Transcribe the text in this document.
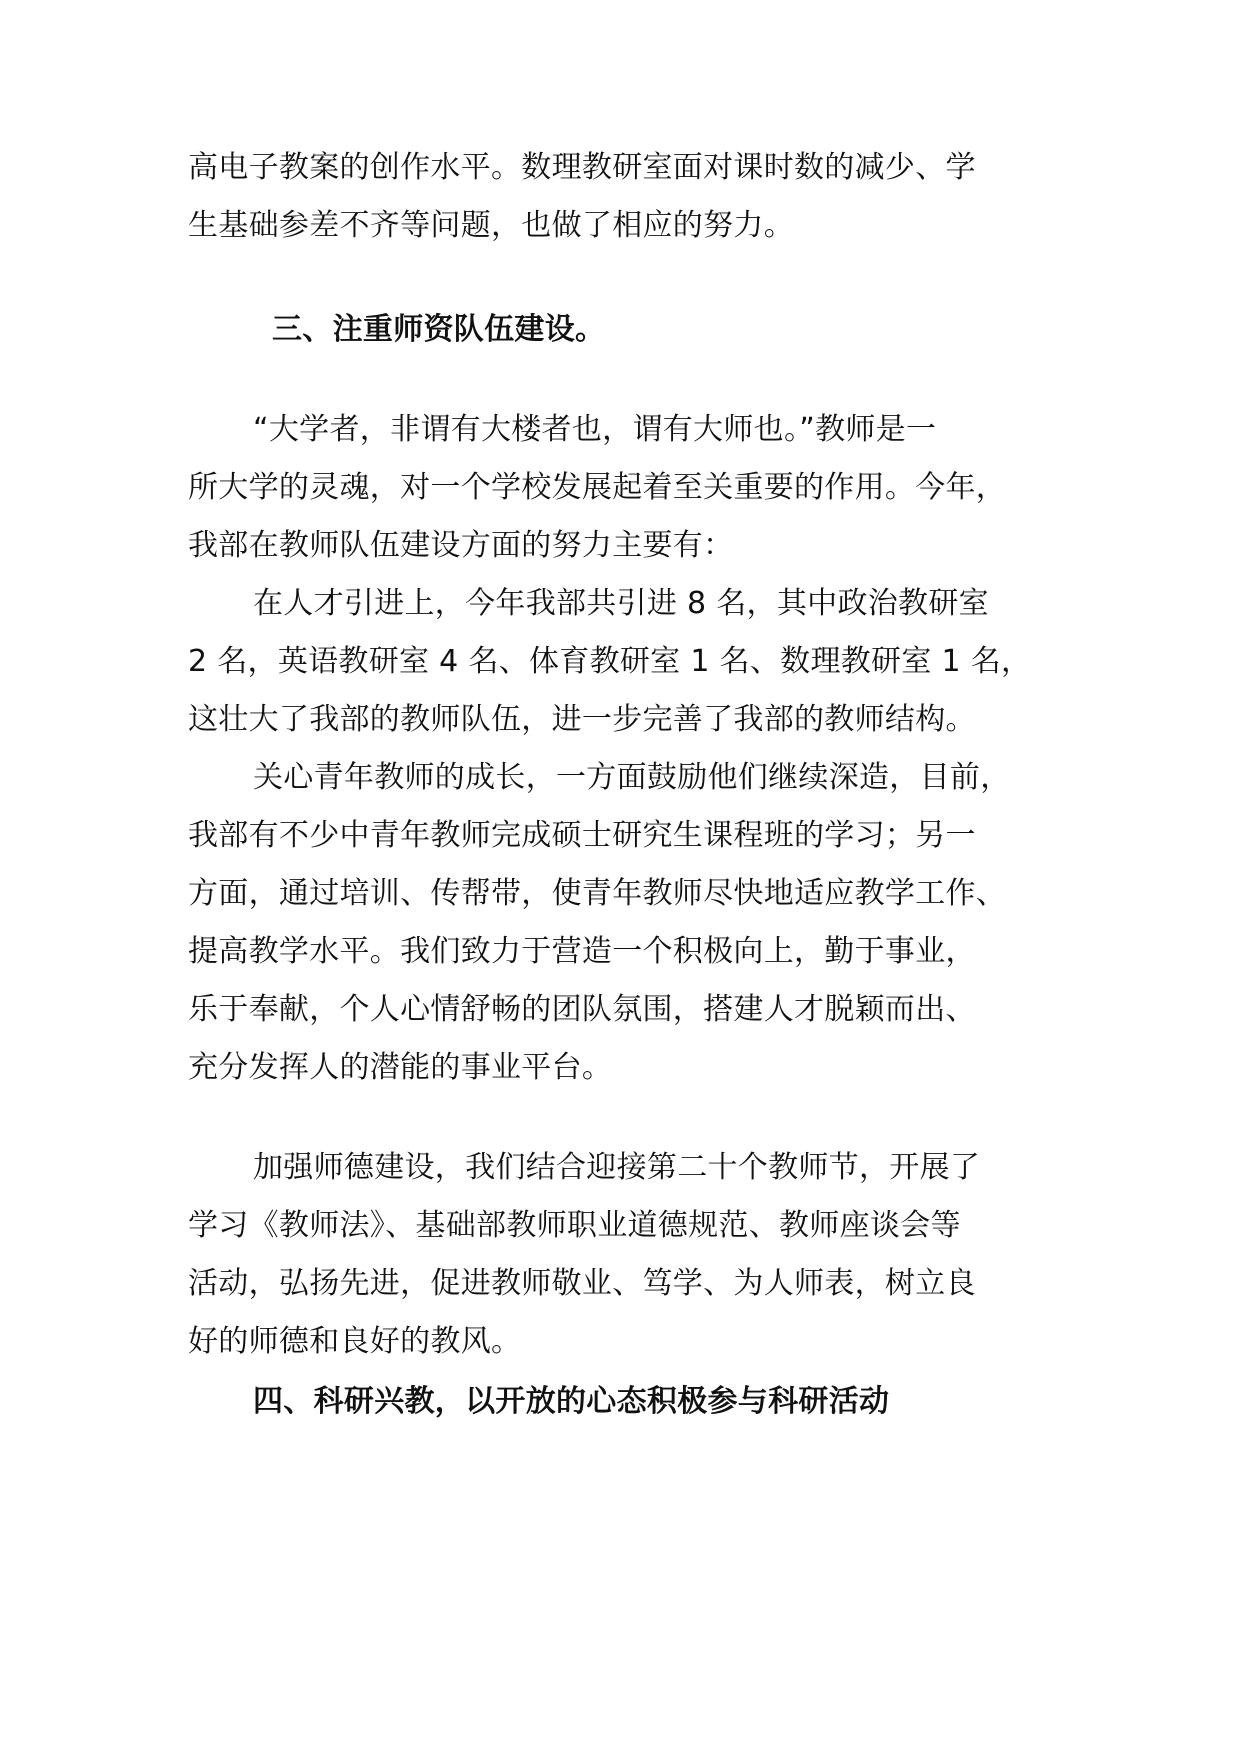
高电子教案的创作水平。数理教研室面对课时数的减少、学
生基础参差不齐等问题，也做了相应的努力。
三、注重师资队伍建设。
“大学者，非谓有大楼者也，谓有大师也。”教师是一
所大学的灵魂，对一个学校发展起着至关重要的作用。今年，
我部在教师队伍建设方面的努力主要有：
在人才引进上，今年我部共引进 8 名，其中政治教研室
2 名，英语教研室 4 名、体育教研室 1 名、数理教研室 1 名，
这壮大了我部的教师队伍，进一步完善了我部的教师结构。
关心青年教师的成长，一方面鼓励他们继续深造，目前，
我部有不少中青年教师完成硕士研究生课程班的学习；另一
方面，通过培训、传帮带，使青年教师尽快地适应教学工作、
提高教学水平。我们致力于营造一个积极向上，勤于事业，
乐于奉献，个人心情舒畅的团队氛围，搭建人才脱颖而出、
充分发挥人的潜能的事业平台。
加强师德建设，我们结合迎接第二十个教师节，开展了
学习《教师法》、基础部教师职业道德规范、教师座谈会等
活动，弘扬先进，促进教师敬业、笃学、为人师表，树立良
好的师德和良好的教风。
四、科研兴教，以开放的心态积极参与科研活动
